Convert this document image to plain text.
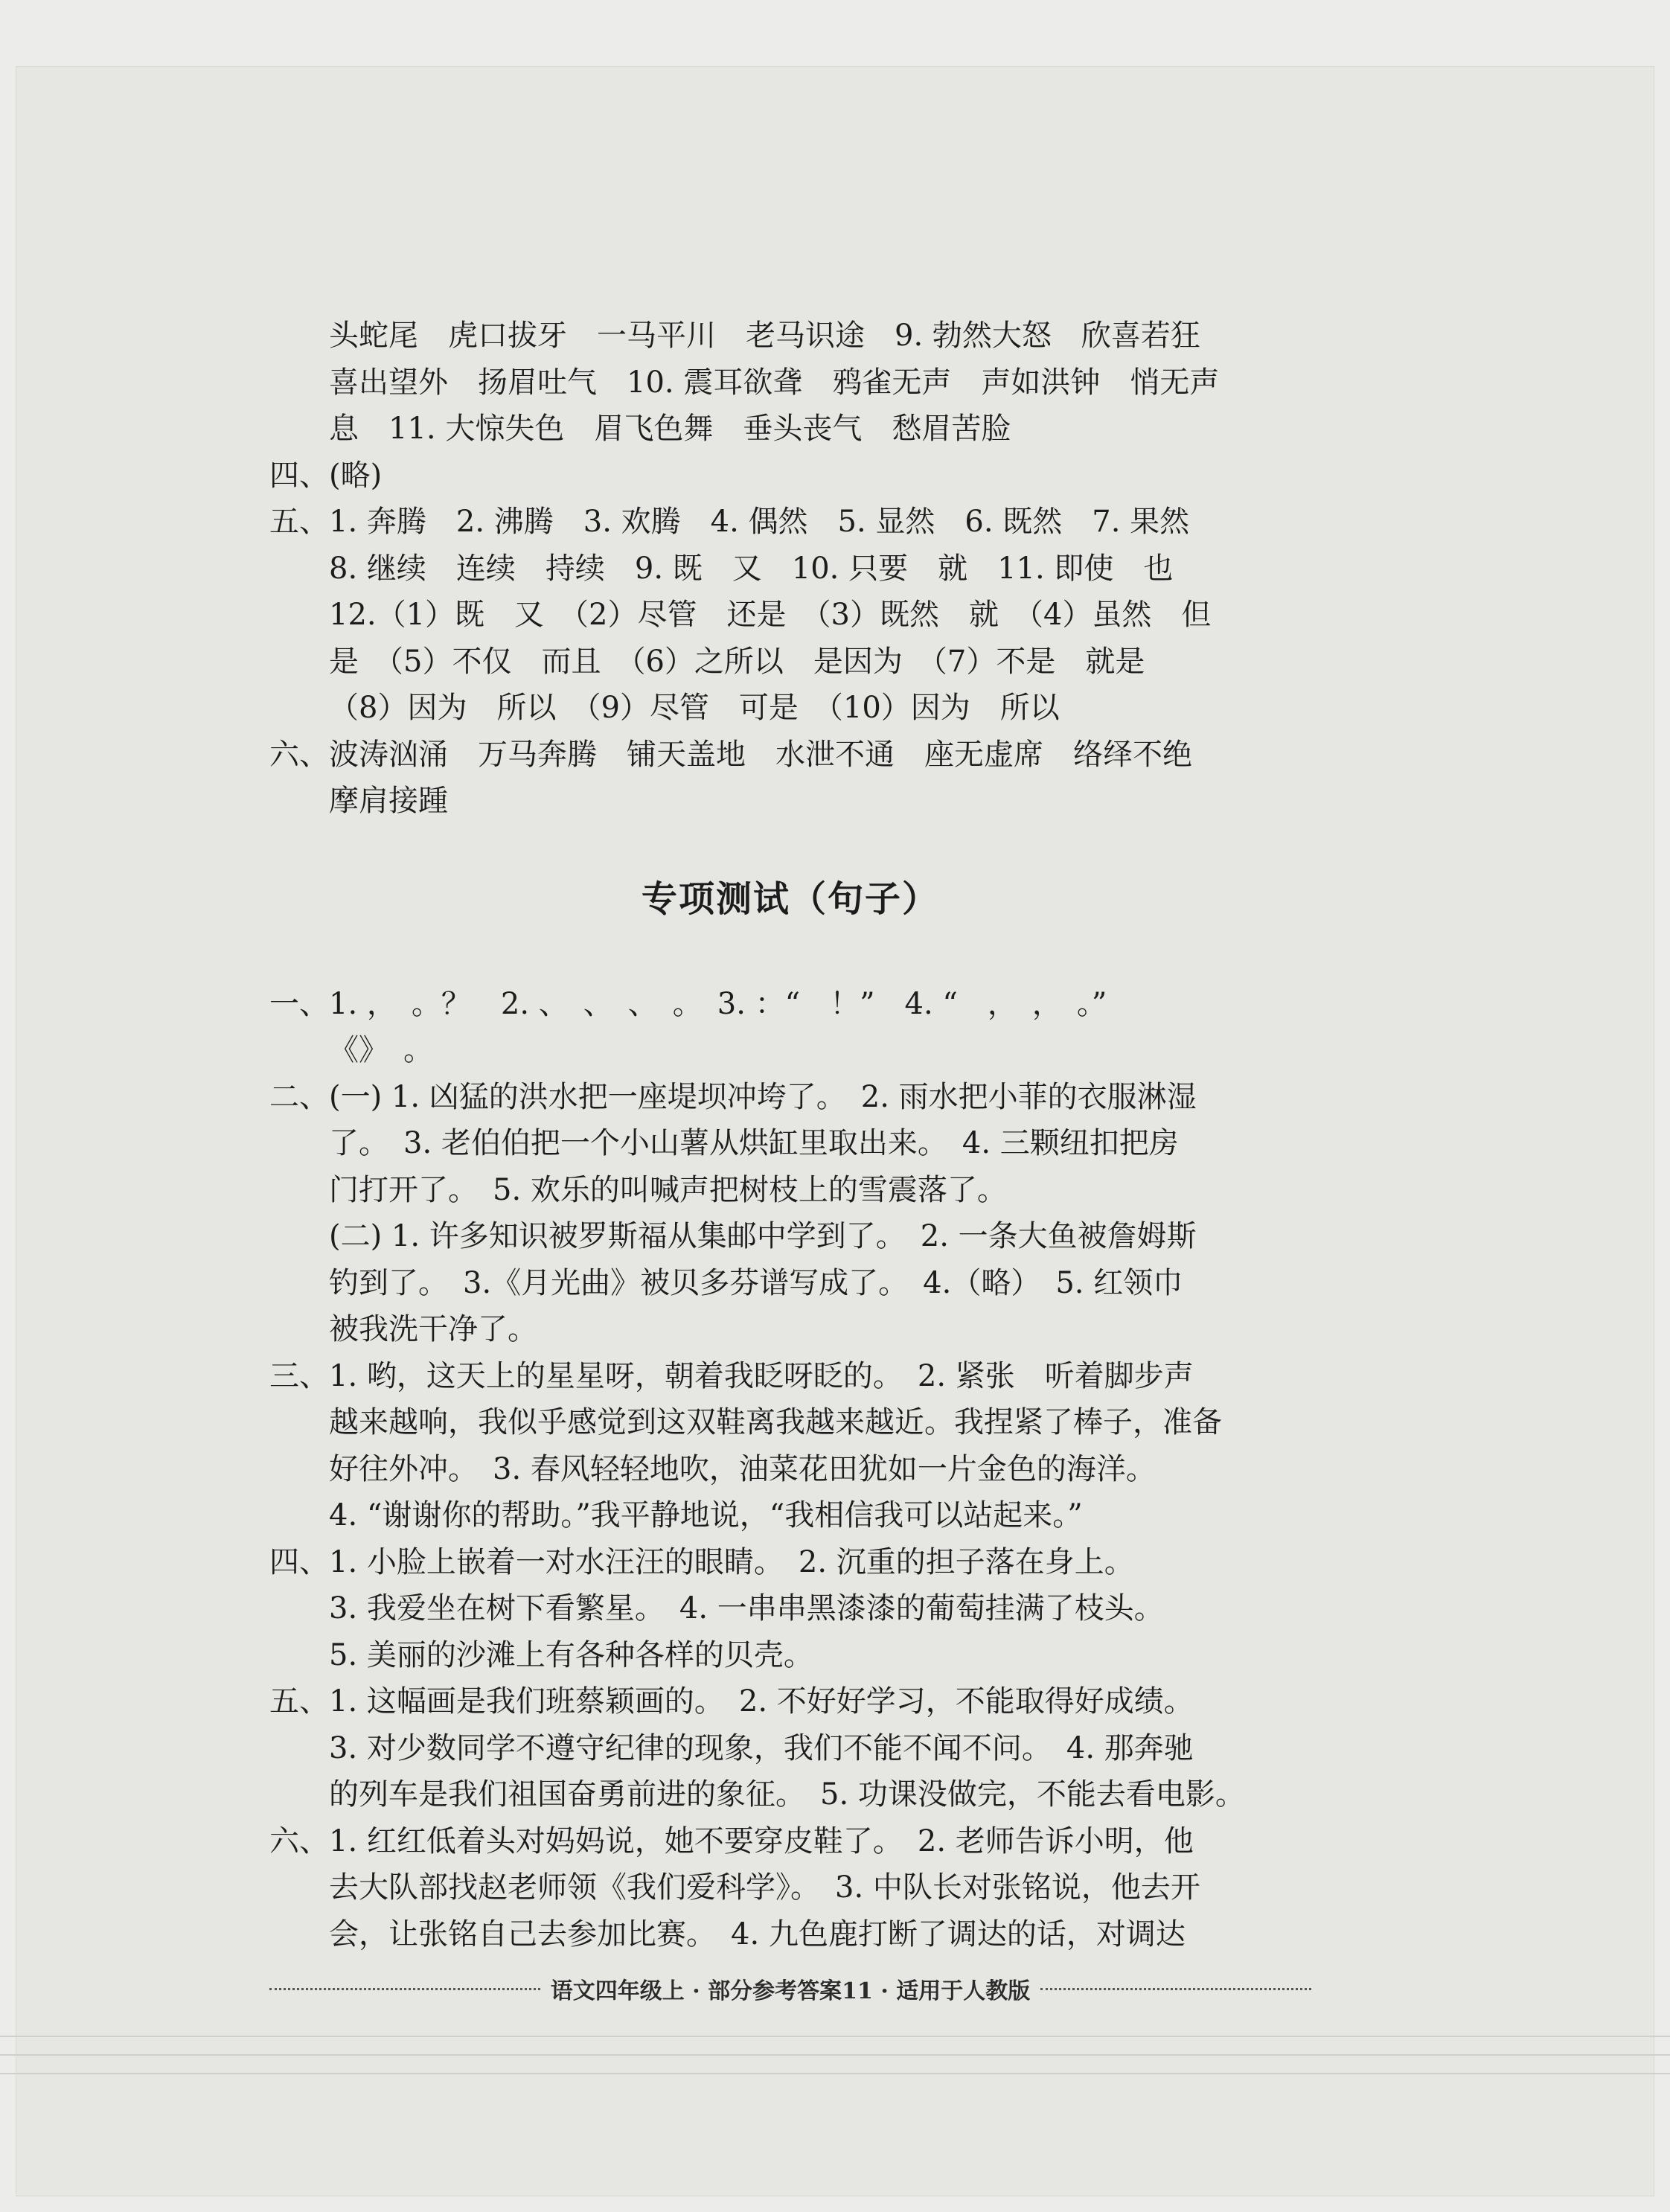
头蛇尾　虎口拔牙　一马平川　老马识途　9. 勃然大怒　欣喜若狂
喜出望外　扬眉吐气　10. 震耳欲聋　鸦雀无声　声如洪钟　悄无声
息　11. 大惊失色　眉飞色舞　垂头丧气　愁眉苦脸
四、(略)
五、1. 奔腾　2. 沸腾　3. 欢腾　4. 偶然　5. 显然　6. 既然　7. 果然
8. 继续　连续　持续　9. 既　又　10. 只要　就　11. 即使　也
12.（1）既　又　（2）尽管　还是　（3）既然　就　（4）虽然　但
是　（5）不仅　而且　（6）之所以　是因为　（7）不是　就是
（8）因为　所以　（9）尽管　可是　（10）因为　所以
六、波涛汹涌　万马奔腾　铺天盖地　水泄不通　座无虚席　络绎不绝
摩肩接踵
专项测试（句子）
一、1. ，　。？　2. 、　、　、　。　3. ：“　！”　4. “　，　，　。”
《》　。
二、(一) 1. 凶猛的洪水把一座堤坝冲垮了。　2. 雨水把小菲的衣服淋湿
了。　3. 老伯伯把一个小山薯从烘缸里取出来。　4. 三颗纽扣把房
门打开了。　5. 欢乐的叫喊声把树枝上的雪震落了。
(二) 1. 许多知识被罗斯福从集邮中学到了。　2. 一条大鱼被詹姆斯
钓到了。　3.《月光曲》被贝多芬谱写成了。　4.（略）　5. 红领巾
被我洗干净了。
三、1. 哟，这天上的星星呀，朝着我眨呀眨的。　2. 紧张　听着脚步声
越来越响，我似乎感觉到这双鞋离我越来越近。我捏紧了棒子，准备
好往外冲。　3. 春风轻轻地吹，油菜花田犹如一片金色的海洋。
4. “谢谢你的帮助。”我平静地说，“我相信我可以站起来。”
四、1. 小脸上嵌着一对水汪汪的眼睛。　2. 沉重的担子落在身上。
3. 我爱坐在树下看繁星。　4. 一串串黑漆漆的葡萄挂满了枝头。
5. 美丽的沙滩上有各种各样的贝壳。
五、1. 这幅画是我们班蔡颖画的。　2. 不好好学习，不能取得好成绩。
3. 对少数同学不遵守纪律的现象，我们不能不闻不问。　4. 那奔驰
的列车是我们祖国奋勇前进的象征。　5. 功课没做完，不能去看电影。
六、1. 红红低着头对妈妈说，她不要穿皮鞋了。　2. 老师告诉小明，他
去大队部找赵老师领《我们爱科学》。　3. 中队长对张铭说，他去开
会，让张铭自己去参加比赛。　4. 九色鹿打断了调达的话，对调达
语文四年级上 · 部分参考答案11 · 适用于人教版
